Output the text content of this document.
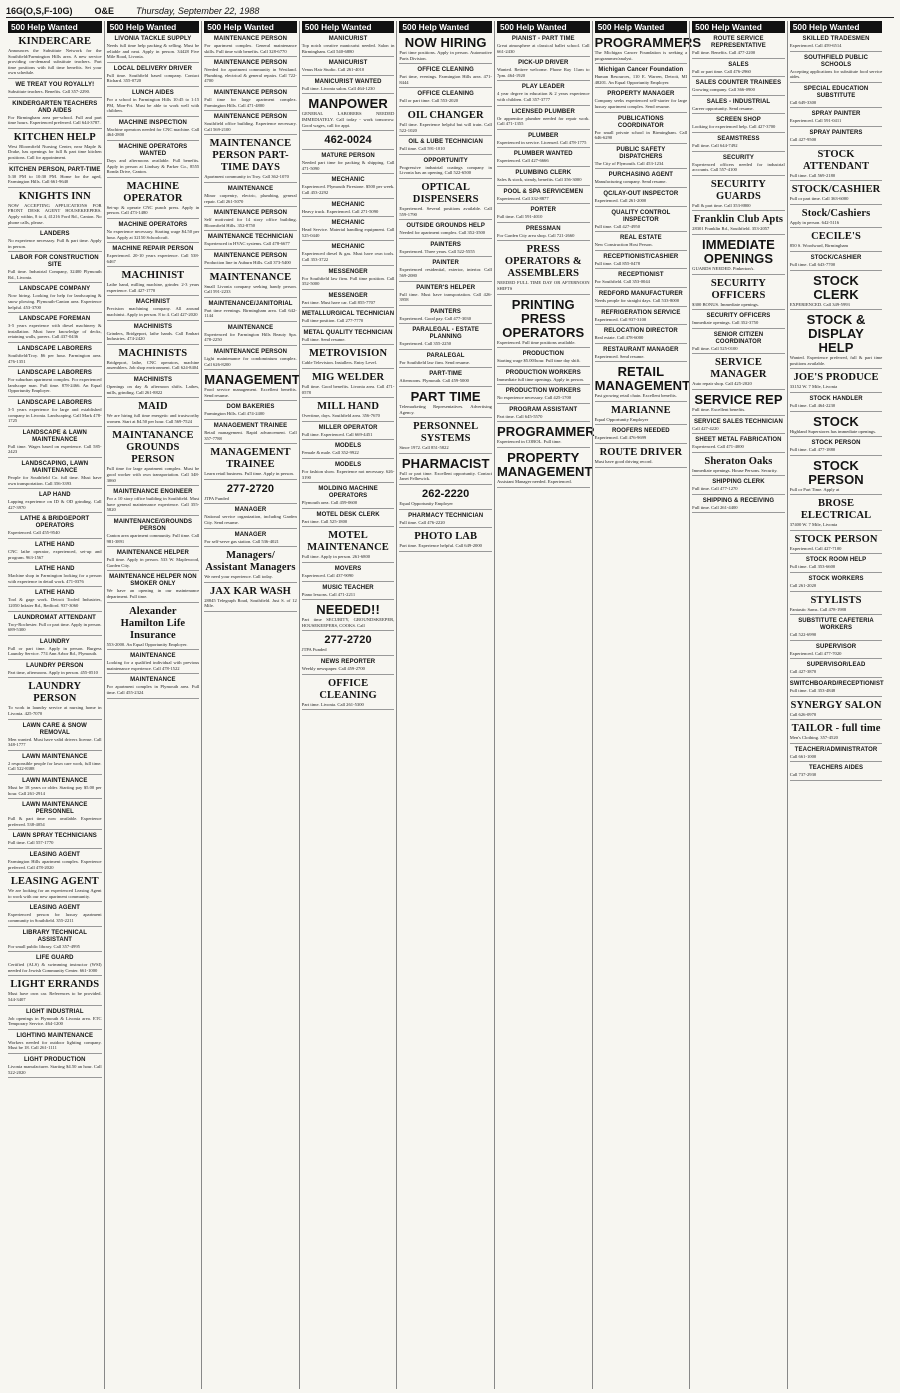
16G(O,S,F-10G) O&E Thursday, September 22, 1988
500 Help Wanted
KINDERCARE
Announces the Substitute Network for the Southfield/Farmington Hills area. A new service providing on-demand substitute teachers. Part time positions with full time benefits. Set your own schedule.
WE TREAT YOU ROYALLY!
Substitute teachers. Benefits. Call 357-2290.
KINDERGARTEN TEACHERS AND AIDES
For Birmingham area pre-school. Full and part time hours. Experienced preferred. Call 644-3787.
KITCHEN HELP
West Bloomfield Nursing Center, near Maple & Drake, has openings for full & part time kitchen positions. Call for appointment.
KITCHEN PERSON, PART-TIME
5:30 PM to 10:30 PM. Home for the aged, Farmington Hills. Call 661-9640
KNIGHTS INN
NOW ACCEPTING APPLICATIONS FOR FRONT DESK AGENT HOUSEKEEPERS. Apply within, 8 to 4, 41216 Ford Rd., Canton. No phone calls, please.
LANDERS
No experience necessary. Full & part time. Apply in person.
LABOR FOR CONSTRUCTION SITE
Full time. Industrial Company, 32400 Plymouth Rd., Livonia.
LANDSCAPE COMPANY
Now hiring. Looking for help for landscaping & snow plowing. Plymouth-Canton area. Experience helpful. 453-3700
LANDSCAPE FOREMAN
3-5 years experience with diesel machinery & installation. Must have knowledge of decks, retaining walls, pavers. Call 437-0436
LANDSCAPE LABORERS
Southfield/Troy. $6 per hour. Farmington area. 476-1351
LANDSCAPE LABORERS
For suburban apartment complex. For experienced landscape man. Full time. 878-2466. An Equal Opportunity Employer.
LANDSCAPE LABORERS
3-5 years experience for large and established company in Livonia. Landscaping. Call Mark 478-1725
LANDSCAPE & LAWN MAINTENANCE
Full time. Wages based on experience. Call 585-2423
LANDSCAPING, LAWN MAINTENANCE
People for Southfield Co. full time. Must have own transportation. Call 356-3393
LAP HAND
Lapping experience on ID & OD grinding. Call 427-3970
LATHE & BRIDGEPORT OPERATORS
Experienced. Call 455-9540
LATHE HAND
CNC lathe operator, experienced, set-up and program. 963-1567
LATHE HAND
Machine shop in Farmington looking for a person with experience in detail work. 471-0376
LATHE HAND
Tool & gage work. Detroit Tooled Industries, 12050 Inkster Rd., Redford. 937-3060
LAUNDROMAT ATTENDANT
Troy-Rochester. Full or part time. Apply in person. 689-5300
LAUNDRY
Full or part time. Apply in person. Burgess Laundry Service. 774 Ann Arbor Rd., Plymouth.
LAUNDRY PERSON
Part time, afternoons. Apply in person. 455-0510
LAUNDRY PERSON
To work in laundry service at nursing home in Livonia. 425-7070
LAWN CARE & SNOW REMOVAL
Men wanted. Must have valid drivers license. Call 348-1777
LAWN MAINTENANCE
2 responsible people for lawn care work, full time. Call 522-8388
LAWN MAINTENANCE
Must be 18 years or older. Starting pay $5.00 per hour. Call 261-2914
LAWN MAINTENANCE PERSONNEL
Full & part time now available. Experience preferred. 538-4054
LAWN SPRAY TECHNICIANS
Full time. Call 557-1770
LEASING AGENT
Farmington Hills apartment complex. Experience preferred. Call 478-2020
LEASING AGENT
We are looking for an experienced Leasing Agent to work with our new apartment community.
LEASING AGENT
Experienced person for luxury apartment community in Southfield. 355-2211
LIBRARY TECHNICAL ASSISTANT
For small public library. Call 357-4995
LIFE GUARD
Certified (ALS) & swimming instructor (WSI) needed for Jewish Community Center. 661-1000
LIGHT ERRANDS
Must have own car. References to be provided. 544-3407
LIGHT INDUSTRIAL
Job openings in Plymouth & Livonia area. ETC Temporary Service. 464-1200
LIGHTING MAINTENANCE
Workers needed for outdoor lighting company. Must be 18. Call 261-1111
LIGHT PRODUCTION
Livonia manufacturer. Starting $4.50 an hour. Call 522-2020
500 Help Wanted
LIVONIA TACKLE SUPPLY
Needs full time help packing & selling. Must be reliable and neat. Apply in person. 34428 Five Mile Road, Livonia.
LOCAL DELIVERY DRIVER
Full time. Southfield based company. Contact Richard. 355-0720
LUNCH AIDES
For a school in Farmington Hills 10:45 to 1:15 PM, Mon-Fri. Must be able to work well with children.
MACHINE INSPECTION
Machine operators needed for CNC machine. Call 464-2800
MACHINE OPERATORS WANTED
Days and afternoons available. Full benefits. Apply in person at Lindsay & Parker Co., 8555 Ronda Drive, Canton.
MACHINE OPERATOR
Set-up & operate CNC punch press. Apply in person. Call 473-1480
MACHINE OPERATORS
No experience necessary. Starting wage $4.50 per hour. Apply at 32150 Schoolcraft.
MACHINE REPAIR PERSON
Experienced. 20-10 years experience. Call 538-6467
MACHINIST
Lathe hand, milling machine, grinder. 2-3 years experience. Call 427-1770
MACHINIST
Precision machining company. All around machinist. Apply in person. 8 to 4. Call 427-2020
MACHINISTS
Grinders, Bridgeport, lathe hands. Call Emhart Industries. 474-2420
MACHINISTS
Bridgeport, lathe, CNC operators, machine assemblers. Job shop environment. Call 624-8404
MACHINISTS
Openings on day & afternoon shifts. Lathes, mills, grinding. Call 261-8822
MAID
We are hiring full time energetic and trustworthy women. Start at $4.50 per hour. Call 569-7524
MAINTANANCE GROUNDS PERSON
Full time for large apartment complex. Must be good worker with own transportation. Call 348-3060
MAINTENANCE ENGINEER
For a 10 story office building in Southfield. Must have general maintenance experience. Call 355-5820
MAINTENANCE/GROUNDS PERSON
Canton area apartment community. Full time. Call 981-3891
MAINTENANCE HELPER
Full time. Apply in person. 533 W. Maplewood, Garden City.
MAINTENANCE HELPER NON SMOKER ONLY
We have an opening in our maintenance department. Full time.
Alexander Hamilton Life Insurance
553-2000. An Equal Opportunity Employer.
MAINTENANCE
Looking for a qualified individual with previous maintenance experience. Call 478-1522
MAINTENANCE
For apartment complex in Plymouth area. Full time. Call 455-2324
500 Help Wanted
MAINTENANCE PERSON
For apartment complex. General maintenance skills. Full time with benefits. Call 328-6770
MAINTENANCE PERSON
Needed for apartment community in Westland. Plumbing, electrical & general repairs. Call 722-4700
MAINTENANCE PERSON
Full time for large apartment complex. Farmington Hills. Call 471-4800
MAINTENANCE PERSON
Southfield office building. Experience necessary. Call 569-2100
MAINTENANCE PERSON PART-TIME DAYS
Apartment community in Troy. Call 362-1070
MAINTENANCE
Minor carpentry, electric, plumbing, general repair. Call 261-5070
MAINTENANCE PERSON
Self motivated for 14 story office building. Bloomfield Hills. 352-8750
MAINTENANCE TECHNICIAN
Experienced in HVAC systems. Call 478-6677
MAINTENANCE PERSON
Production line in Auburn Hills. Call 373-5400
MAINTENANCE
Small Livonia company seeking handy person. Call 591-2233
MAINTENANCE/JANITORIAL
Part time evenings. Birmingham area. Call 642-1144
MAINTENANCE
Experienced for Farmington Hills Beauty Spa. 478-2250
MAINTENANCE PERSON
Light maintenance for condominium complex. Call 626-8200
MANAGEMENT
Food service management. Excellent benefits. Send resume.
DOM BAKERIES
Farmington Hills. Call 474-2400
MANAGEMENT TRAINEE
Retail management. Rapid advancement. Call 357-7788
MANAGEMENT TRAINEE
Learn retail business. Full time. Apply in person.
277-2720
JTPA Funded
MANAGER
National service organization, including Garden City. Send resume.
MANAGER
For self-serve gas station. Call 536-4021
Managers/ Assistant Managers
We need your experience. Call today.
JAX KAR WASH
28845 Telegraph Road, Southfield. Just S. of 12 Mile.
500 Help Wanted
MANICURIST
Top notch creative manicurist needed. Salon in Birmingham. Call 540-6880
MANICURIST
Venus Hair Studio. Call 261-4010
MANICURIST WANTED
Full time. Livonia salon. Call 464-1230
MANPOWER
GENERAL LABORERS NEEDED IMMEDIATELY. Call today - work tomorrow. Good wages, call for appt.
462-0024
MATURE PERSON
Needed part time for packing & shipping. Call 471-5090
MECHANIC
Experienced. Plymouth Firestone. $500 per week. Call 453-2292
MECHANIC
Heavy truck. Experienced. Call 271-5090
MECHANIC
Head Service. Material handling equipment. Call 525-0440
MECHANIC
Experienced diesel & gas. Must have own tools. Call 353-3722
MESSENGER
For Southfield law firm. Full time position. Call 352-5000
MESSENGER
Part time. Must have car. Call 855-7707
METALLURGICAL TECHNICIAN
Full time position. Call 277-7770
METAL QUALITY TECHNICIAN
Full time. Send resume.
METROVISION
Cable Television. Installers. Entry Level.
MIG WELDER
Full time. Good benefits. Livonia area. Call 471-0578
MILL HAND
Overtime, days. Southfield area. 356-7670
MILLER OPERATOR
Full time. Experienced. Call 669-4451
MODELS
Female & male. Call 352-9922
MODELS
For fashion show. Experience not necessary. 626-3190
MOLDING MACHINE OPERATORS
Plymouth area. Call 459-0600
MOTEL DESK CLERK
Part time. Call 525-1800
MOTEL MAINTENANCE
Full time. Apply in person. 261-6800
MOVERS
Experienced. Call 437-9090
MUSIC TEACHER
Piano lessons. Call 471-2211
NEEDED!!
Part time SECURITY, GROUNDSKEEPER, HOUSEKEEPERS, COOKS. Call
277-2720
JTPA Funded
NEWS REPORTER
Weekly newspaper. Call 459-2700
OFFICE CLEANING
Part time. Livonia. Call 261-5300
500 Help Wanted
NOW HIRING
Part time positions. Apply in person. Automotive Parts Division.
OFFICE CLEANING
Part time, evenings. Farmington Hills area. 471-8444
OFFICE CLEANING
Full or part time. Call 553-2020
OIL CHANGER
Full time. Experience helpful but will train. Call 522-1020
OIL & LUBE TECHNICIAN
Full time. Call 591-1010
OPPORTUNITY
Progressive industrial coatings company in Livonia has an opening. Call 522-6500
OPTICAL DISPENSERS
Experienced. Several positions available. Call 559-1790
OUTSIDE GROUNDS HELP
Needed for apartment complex. Call 352-3500
PAINTERS
Experienced. Three years. Call 522-5555
PAINTER
Experienced residential, exterior, interior. Call 569-2080
PAINTER'S HELPER
Full time. Must have transportation. Call 426-3958
PAINTERS
Experienced. Good pay. Call 477-3030
PARALEGAL - ESTATE PLANNING
Experienced. Call 355-2250
PARALEGAL
For Southfield law firm. Send resume.
PART-TIME
Afternoons. Plymouth. Call 459-5000
PART TIME
Telemarketing Representatives. Advertising Agency.
PERSONNEL SYSTEMS
Since 1972. Call 851-5822
PHARMACIST
Full or part time. Excellent opportunity. Contact Janet Felhewick.
262-2220
Equal Opportunity Employer
PHARMACY TECHNICIAN
Full time. Call 476-2220
PHOTO LAB
Part time. Experience helpful. Call 649-2000
500 Help Wanted
PIANIST - PART TIME
Great atmosphere at classical ballet school. Call 661-2430
PICK-UP DRIVER
Wanted. Retiree welcome. Phone Ray 11am to 7pm. 464-1920
PLAY LEADER
4 year degree in education & 2 years experience with children. Call 357-3777
LICENSED PLUMBER
Or apprentice plumber needed for repair work. Call 471-1355
PLUMBER
Experienced in service. Licensed. Call 478-1775
PLUMBER WANTED
Experienced. Call 427-6666
PLUMBING CLERK
Sales & stock, steady, benefits. Call 356-3000
POOL & SPA SERVICEMEN
Experienced. Call 332-8877
PORTER
Full time. Call 591-4010
PRESSMAN
For Garden City area shop. Call 721-2660
PRESS OPERATORS & ASSEMBLERS
NEEDED FULL TIME DAY OR AFTERNOON SHIFTS
PRINTING PRESS OPERATORS
Experienced. Full time positions available.
PRODUCTION
Starting wage $5.00/hour. Full time day shift.
PRODUCTION WORKERS
Immediate full time openings. Apply in person.
PRODUCTION WORKERS
No experience necessary. Call 425-1700
PROGRAM ASSISTANT
Part time. Call 645-5570
PROGRAMMER
Experienced in COBOL. Full time.
PROPERTY MANAGEMENT
Assistant Manager needed. Experienced.
500 Help Wanted
PROGRAMMERS
The Michigan Cancer Foundation is seeking a programmer/analyst.
Michigan Cancer Foundation
Human Resources, 110 E. Warren, Detroit, MI 48201. An Equal Opportunity Employer.
PROPERTY MANAGER
Company seeks experienced self-starter for large luxury apartment complex. Send resume.
PUBLICATIONS COORDINATOR
For small private school in Birmingham. Call 646-6290
PUBLIC SAFETY DISPATCHERS
The City of Plymouth. Call 453-1234
PURCHASING AGENT
Manufacturing company. Send resume.
QC/LAY-OUT INSPECTOR
Experienced. Call 261-2000
QUALITY CONTROL INSPECTOR
Full time. Call 427-4950
REAL ESTATE
New Construction Host Person.
RECEPTIONIST/CASHIER
Full time. Call 855-0478
RECEPTIONIST
For Southfield. Call 353-0044
REDFORD MANUFACTURER
Needs people for straight days. Call 533-8000
REFRIGERATION SERVICE
Experienced. Call 937-3100
RELOCATION DIRECTOR
Real estate. Call 478-6000
RESTAURANT MANAGER
Experienced. Send resume.
RETAIL MANAGEMENT
Fast growing retail chain. Excellent benefits.
MARIANNE
Equal Opportunity Employer
ROOFERS NEEDED
Experienced. Call 476-9699
ROUTE DRIVER
Must have good driving record.
500 Help Wanted
ROUTE SERVICE REPRESENTATIVE
Full time. Benefits. Call 477-2200
SALES
Full or part time. Call 476-2960
SALES COUNTER TRAINEES
Growing company. Call 366-0900
SALES - INDUSTRIAL
Career opportunity. Send resume.
SCREEN SHOP
Looking for experienced help. Call 427-3700
SEAMSTRESS
Full time. Call 644-7492
SECURITY
Experienced officers needed for industrial accounts. Call 557-4100
SECURITY GUARDS
Full & part time. Call 353-8800
Franklin Club Apts
28301 Franklin Rd., Southfield. 353-2057
IMMEDIATE OPENINGS
GUARDS NEEDED. Pinkerton's.
SECURITY OFFICERS
$300 BONUS. Immediate openings.
SECURITY OFFICERS
Immediate openings. Call 352-3750
SENIOR CITIZEN COORDINATOR
Full time. Call 525-0100
SERVICE MANAGER
Auto repair shop. Call 425-2020
SERVICE REP
Full time. Excellent benefits.
SERVICE SALES TECHNICIAN
Call 427-4220
SHEET METAL FABRICATION
Experienced. Call 471-4000
Sheraton Oaks
Immediate openings. House Persons. Security.
SHIPPING CLERK
Full time. Call 477-1270
SHIPPING & RECEIVING
Full time. Call 261-4400
500 Help Wanted
SKILLED TRADESMEN
Experienced. Call 459-6514
SOUTHFIELD PUBLIC SCHOOLS
Accepting applications for substitute food service aides.
SPECIAL EDUCATION SUBSTITUTE
Call 649-3300
SPRAY PAINTER
Experienced. Call 591-0411
SPRAY PAINTERS
Call 427-9500
STOCK ATTENDANT
Full time. Call 569-2180
STOCK/CASHIER
Full or part time. Call 363-6000
Stock/Cashiers
Apply in person. 642-5116
CECILE'S
850 S. Woodward, Birmingham
STOCK/CASHIER
Full time. Call 643-7700
STOCK CLERK
EXPERIENCED. Call 349-5993
STOCK & DISPLAY HELP
Wanted. Experience preferred, full & part time positions available.
JOE'S PRODUCE
33152 W. 7 Mile, Livonia
STOCK HANDLER
Full time. Call 464-2230
STOCK
Highland Superstores has immediate openings.
STOCK PERSON
Full time. Call 477-1880
STOCK PERSON
Full or Part Time. Apply at
BROSE ELECTRICAL
37400 W. 7 Mile, Livonia
STOCK PERSON
Experienced. Call 427-7100
STOCK ROOM HELP
Full time. Call 353-6600
STOCK WORKERS
Call 261-2020
STYLISTS
Fantastic Sams. Call 478-1988
SUBSTITUTE CAFETERIA WORKERS
Call 522-6990
SUPERVISOR
Experienced. Call 477-7020
SUPERVISOR/LEAD
Call 427-3870
SWITCHBOARD/RECEPTIONIST
Full time. Call 353-4848
SYNERGY SALON
Call 626-0970
TAILOR - full time
Men's Clothing. 357-4520
TEACHER/ADMINISTRATOR
Call 661-1000
TEACHERS AIDES
Call 737-2930
